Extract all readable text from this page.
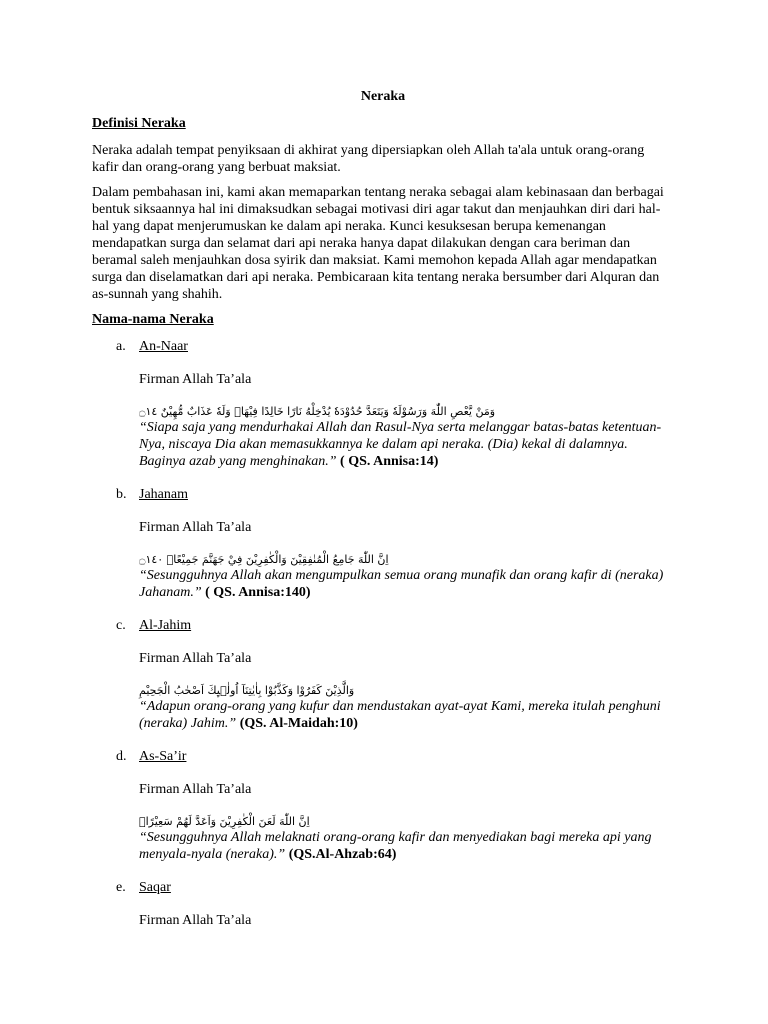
Neraka
Definisi Neraka

Neraka adalah tempat penyiksaan di akhirat yang dipersiapkan oleh Allah ta'ala untuk orang-orang kafir dan orang-orang yang berbuat maksiat.

Dalam pembahasan ini, kami akan memaparkan tentang neraka sebagai alam kebinasaan dan berbagai bentuk siksaannya hal ini dimaksudkan sebagai motivasi diri agar takut dan menjauhkan diri dari hal-hal yang dapat menjerumuskan ke dalam api neraka. Kunci kesuksesan berupa kemenangan mendapatkan surga dan selamat dari api neraka hanya dapat dilakukan dengan cara beriman dan beramal saleh menjauhkan dosa syirik dan maksiat. Kami memohon kepada Allah agar mendapatkan surga dan diselamatkan dari api neraka. Pembicaraan kita tentang neraka bersumber dari Alquran dan as-sunnah yang shahih.

Nama-nama Neraka
a. An-Naar
Firman Allah Ta’ala
وَمَنْ يَّعْصِ اللّٰهَ وَرَسُوْلَهٗ وَيَتَعَدَّ حُدُوْدَهٗ يُدْخِلْهُ نَارًا خَالِدًا فِيْهَاۖ وَلَهٗ عَذَابٌ مُّهِيْنٌ ۝١٤
“Siapa saja yang mendurhakai Allah dan Rasul-Nya serta melanggar batas-batas ketentuan-Nya, niscaya Dia akan memasukkannya ke dalam api neraka. (Dia) kekal di dalamnya. Baginya azab yang menghinakan.” ( QS. Annisa:14)
b. Jahanam
Firman Allah Ta’ala
اِنَّ اللّٰهَ جَامِعُ الْمُنٰفِقِيْنَ وَالْكٰفِرِيْنَ فِيْ جَهَنَّمَ جَمِيْعًاۙ ۝١٤٠
“Sesungguhnya Allah akan mengumpulkan semua orang munafik dan orang kafir di (neraka) Jahanam.” ( QS. Annisa:140)
c. Al-Jahim
Firman Allah Ta’ala
وَالَّذِيْنَ كَفَرُوْا وَكَذَّبُوْا بِاٰيٰتِنَآ اُولٰۤىِٕكَ اَصْحٰبُ الْجَحِيْمِ
“Adapun orang-orang yang kufur dan mendustakan ayat-ayat Kami, mereka itulah penghuni (neraka) Jahim.” (QS. Al-Maidah:10)
d. As-Sa’ir
Firman Allah Ta’ala
اِنَّ اللّٰهَ لَعَنَ الْكٰفِرِيْنَ وَاَعَدَّ لَهُمْ سَعِيْرًاۙ
“Sesungguhnya Allah melaknati orang-orang kafir dan menyediakan bagi mereka api yang menyala-nyala (neraka).” (QS.Al-Ahzab:64)
e. Saqar
Firman Allah Ta’ala
